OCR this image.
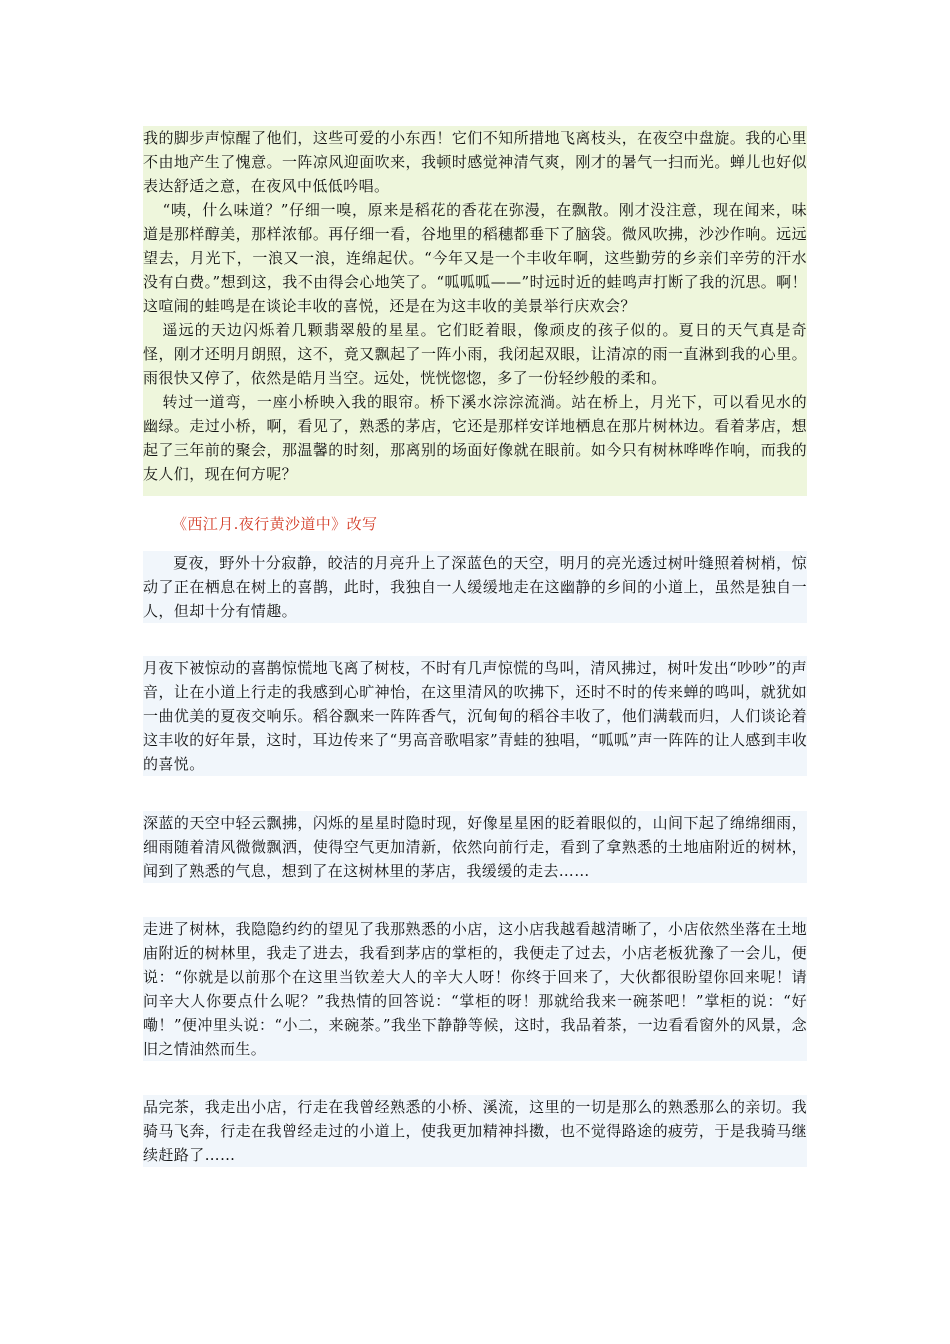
我的脚步声惊醒了他们，这些可爱的小东西！它们不知所措地飞离枝头，在夜空中盘旋。我的心里不由地产生了愧意。一阵凉风迎面吹来，我顿时感觉神清气爽，刚才的暑气一扫而光。蝉儿也好似表达舒适之意，在夜风中低低吟唱。

“咦，什么味道？”仔细一嗅，原来是稻花的香花在弥漫，在飘散。刚才没注意，现在闻来，味道是那样醇美，那样浓郁。再仔细一看，谷地里的稻穗都垂下了脑袋。微风吹拂，沙沙作响。远远望去，月光下，一浪又一浪，连绵起伏。“今年又是一个丰收年啊，这些勤劳的乡亲们辛劳的汗水没有白费。”想到这，我不由得会心地笑了。“呱呱呱——”时远时近的蛙鸣声打断了我的沉思。啊！这喧闹的蛙鸣是在谈论丰收的喜悦，还是在为这丰收的美景举行庆欢会？

遥远的天边闪烁着几颗翡翠般的星星。它们眨着眼，像顽皮的孩子似的。夏日的天气真是奇怪，刚才还明月朗照，这不，竟又飘起了一阵小雨，我闭起双眼，让清凉的雨一直淋到我的心里。雨很快又停了，依然是皓月当空。远处，恍恍惚惚，多了一份轻纱般的柔和。

转过一道弯，一座小桥映入我的眼帘。桥下溪水淙淙流淌。站在桥上，月光下，可以看见水的幽绿。走过小桥，啊，看见了，熟悉的茅店，它还是那样安详地栖息在那片树林边。看着茅店，想起了三年前的聚会，那温馨的时刻，那离别的场面好像就在眼前。如今只有树林哗哗作响，而我的友人们，现在何方呢？

《西江月.夜行黄沙道中》改写

夏夜，野外十分寂静，皎洁的月亮升上了深蓝色的天空，明月的亮光透过树叶缝照着树梢，惊动了正在栖息在树上的喜鹊，此时，我独自一人缓缓地走在这幽静的乡间的小道上，虽然是独自一人，但却十分有情趣。

月夜下被惊动的喜鹊惊慌地飞离了树枝，不时有几声惊慌的鸟叫，清风拂过，树叶发出“吵吵”的声音，让在小道上行走的我感到心旷神怡，在这里清风的吹拂下，还时不时的传来蝉的鸣叫，就犹如一曲优美的夏夜交响乐。稻谷飘来一阵阵香气，沉甸甸的稻谷丰收了，他们满载而归，人们谈论着这丰收的好年景，这时，耳边传来了“男高音歌唱家”青蛙的独唱，“呱呱”声一阵阵的让人感到丰收的喜悦。

深蓝的天空中轻云飘拂，闪烁的星星时隐时现，好像星星困的眨着眼似的，山间下起了绵绵细雨，细雨随着清风微微飘洒，使得空气更加清新，依然向前行走，看到了拿熟悉的土地庙附近的树林，闻到了熟悉的气息，想到了在这树林里的茅店，我缓缓的走去……

走进了树林，我隐隐约约的望见了我那熟悉的小店，这小店我越看越清晰了，小店依然坐落在土地庙附近的树林里，我走了进去，我看到茅店的掌柜的，我便走了过去，小店老板犹豫了一会儿，便说：“你就是以前那个在这里当钦差大人的辛大人呀！你终于回来了，大伙都很盼望你回来呢！请问辛大人你要点什么呢？”我热情的回答说：“掌柜的呀！那就给我来一碗茶吧！”掌柜的说：“好嘞！”便冲里头说：“小二，来碗茶。”我坐下静静等候，这时，我品着茶，一边看看窗外的风景，念旧之情油然而生。

品完茶，我走出小店，行走在我曾经熟悉的小桥、溪流，这里的一切是那么的熟悉那么的亲切。我骑马飞奔，行走在我曾经走过的小道上，使我更加精神抖擞，也不觉得路途的疲劳，于是我骑马继续赶路了……
